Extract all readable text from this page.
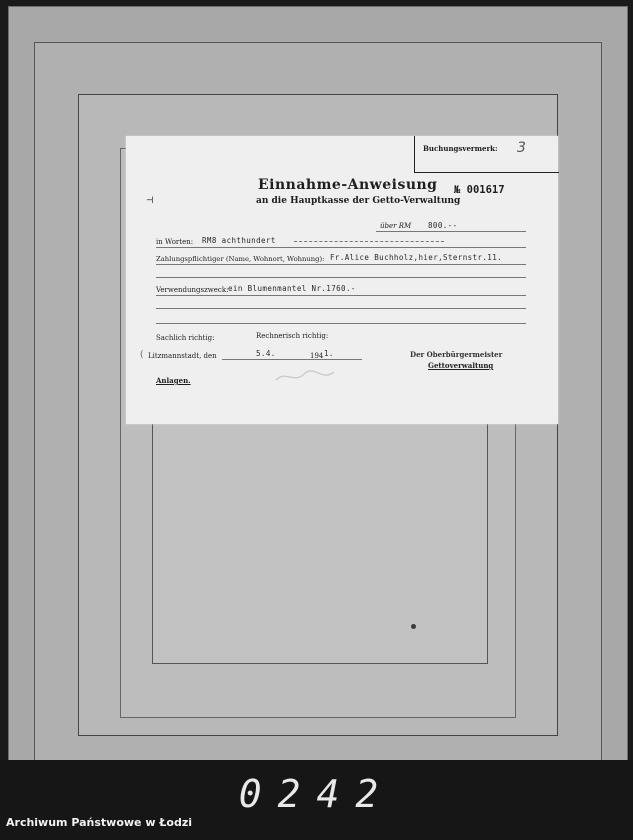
Buchungsvermerk: 3
Einnahme-Anweisung № 001617
an die Hauptkasse der Getto-Verwaltung
⊣
über RM 800.--
in Worten: RM8 achthundert
Zahlungspflichtiger (Name, Wohnort, Wohnung): Fr.Alice Buchholz,hier,Sternstr.11.
Verwendungszweck: ein Blumenmantel Nr.1760.-
Sachlich richtig:	Rechnerisch richtig:
( Litzmannstadt, den	5.4.	194 1.	Der Oberbürgermeister
Gettoverwaltung
Anlagen.
0242
Archiwum Państwowe w Łodzi
